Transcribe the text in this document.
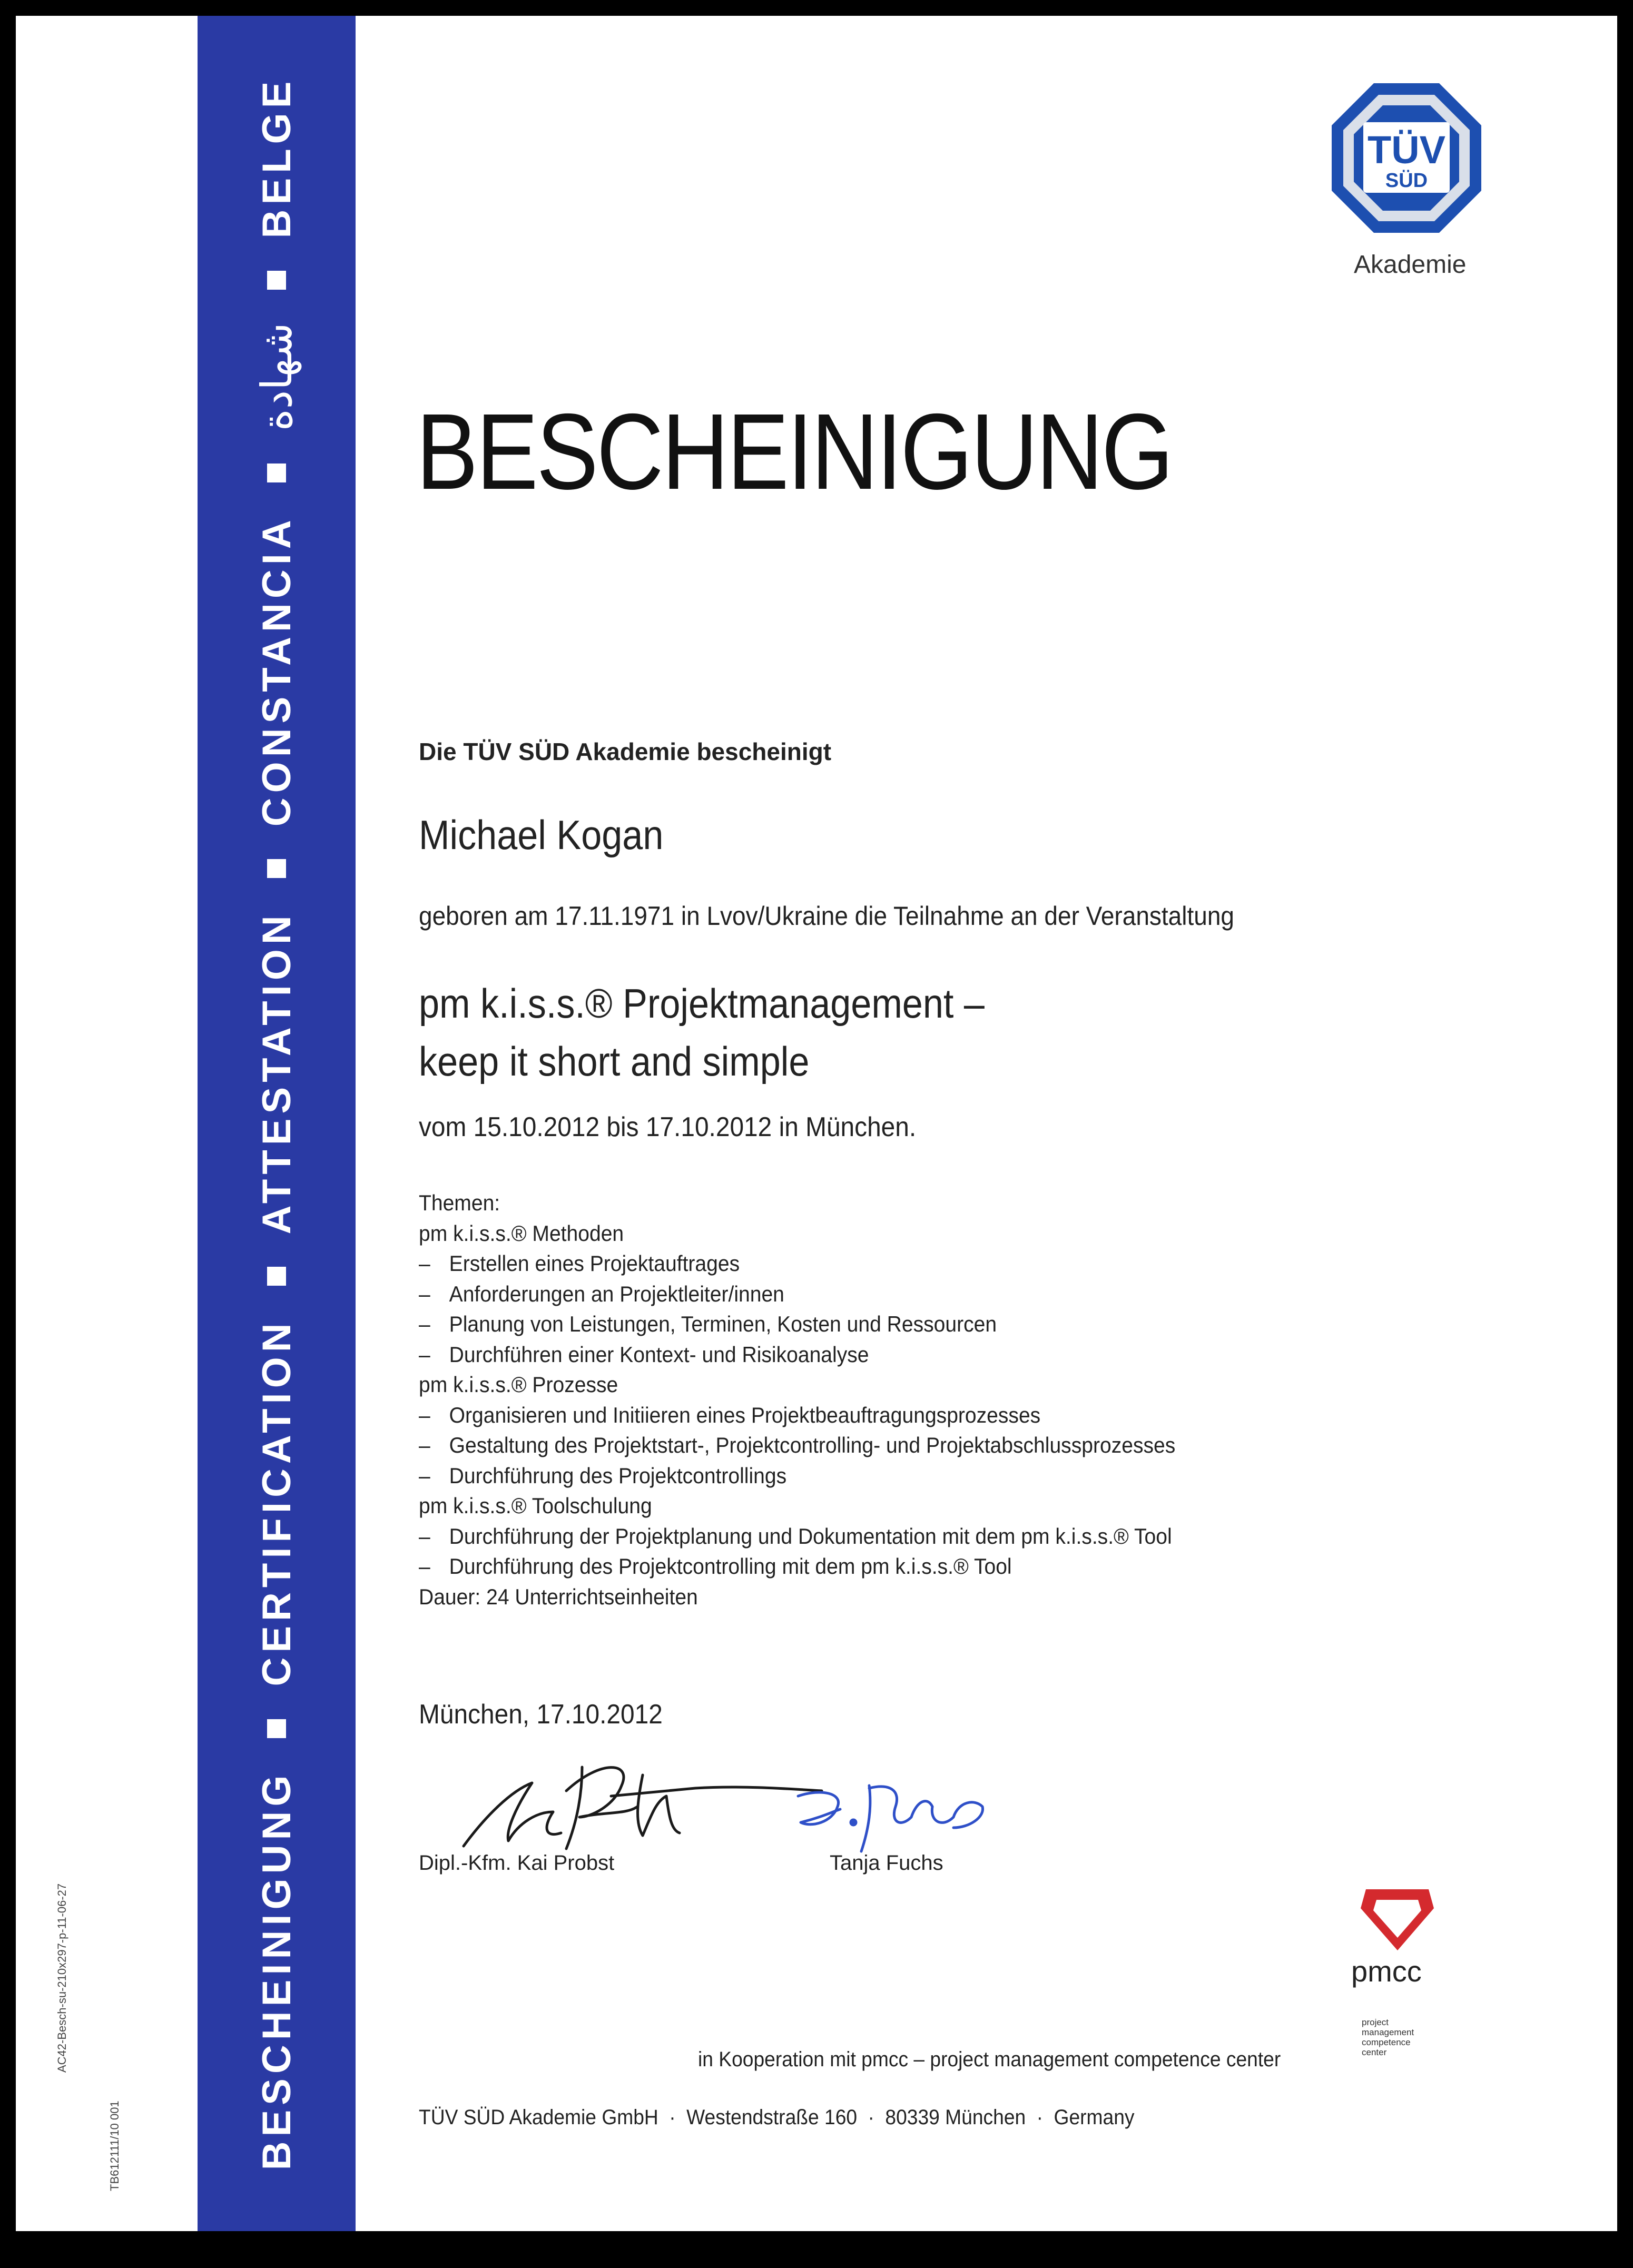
BESCHEINIGUNG
CERTIFICATION
ATTESTATION
CONSTANCIA
شهادة
BELGE
AC42-Besch-su-210x297-p-11-06-27
TB612111/10 001
TÜV
SÜD
Akademie
BESCHEINIGUNG
Die TÜV SÜD Akademie bescheinigt
Michael Kogan
geboren am 17.11.1971 in Lvov/Ukraine die Teilnahme an der Veranstaltung
pm k.i.s.s.® Projektmanagement –
keep it short and simple
vom 15.10.2012 bis 17.10.2012 in München.
Themen:
pm k.i.s.s.® Methoden
– Erstellen eines Projektauftrages
– Anforderungen an Projektleiter/innen
– Planung von Leistungen, Terminen, Kosten und Ressourcen
– Durchführen einer Kontext- und Risikoanalyse
pm k.i.s.s.® Prozesse
– Organisieren und Initiieren eines Projektbeauftragungsprozesses
– Gestaltung des Projektstart-, Projektcontrolling- und Projektabschlussprozesses
– Durchführung des Projektcontrollings
pm k.i.s.s.® Toolschulung
– Durchführung der Projektplanung und Dokumentation mit dem pm k.i.s.s.® Tool
– Durchführung des Projektcontrolling mit dem pm k.i.s.s.® Tool
Dauer: 24 Unterrichtseinheiten
München, 17.10.2012
Dipl.-Kfm. Kai Probst	Tanja Fuchs
pmcc
project
management
competence
center
in Kooperation mit pmcc – project management competence center
TÜV SÜD Akademie GmbH · Westendstraße 160 · 80339 München · Germany
